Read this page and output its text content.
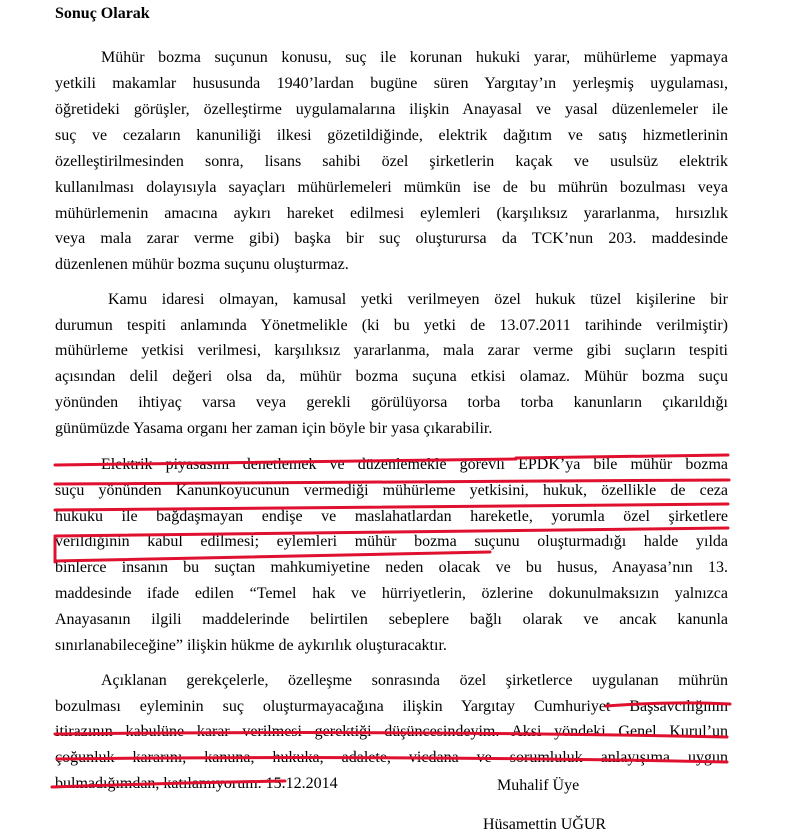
Sonuç Olarak
Mühür bozma suçunun konusu, suç ile korunan hukuki yarar, mühürleme yapmaya
yetkili makamlar hususunda 1940’lardan bugüne süren Yargıtay’ın yerleşmiş uygulaması,
öğretideki görüşler, özelleştirme uygulamalarına ilişkin Anayasal ve yasal düzenlemeler ile
suç ve cezaların kanuniliği ilkesi gözetildiğinde, elektrik dağıtım ve satış hizmetlerinin
özelleştirilmesinden sonra, lisans sahibi özel şirketlerin kaçak ve usulsüz elektrik
kullanılması dolayısıyla sayaçları mühürlemeleri mümkün ise de bu mührün bozulması veya
mühürlemenin amacına aykırı hareket edilmesi eylemleri (karşılıksız yararlanma, hırsızlık
veya mala zarar verme gibi) başka bir suç oluşturursa da TCK’nun 203. maddesinde
düzenlenen mühür bozma suçunu oluşturmaz.
Kamu idaresi olmayan, kamusal yetki verilmeyen özel hukuk tüzel kişilerine bir
durumun tespiti anlamında Yönetmelikle (ki bu yetki de 13.07.2011 tarihinde verilmiştir)
mühürleme yetkisi verilmesi, karşılıksız yararlanma, mala zarar verme gibi suçların tespiti
açısından delil değeri olsa da, mühür bozma suçuna etkisi olamaz. Mühür bozma suçu
yönünden ihtiyaç varsa veya gerekli görülüyorsa torba torba kanunların çıkarıldığı
günümüzde Yasama organı her zaman için böyle bir yasa çıkarabilir.
Elektrik piyasasını denetlemek ve düzenlemekle görevli EPDK’ya bile mühür bozma
suçu yönünden Kanunkoyucunun vermediği mühürleme yetkisini, hukuk, özellikle de ceza
hukuku ile bağdaşmayan endişe ve maslahatlardan hareketle, yorumla özel şirketlere
verildiğinin kabul edilmesi; eylemleri mühür bozma suçunu oluşturmadığı halde yılda
binlerce insanın bu suçtan mahkumiyetine neden olacak ve bu husus, Anayasa’nın 13.
maddesinde ifade edilen “Temel hak ve hürriyetlerin, özlerine dokunulmaksızın yalnızca
Anayasanın ilgili maddelerinde belirtilen sebeplere bağlı olarak ve ancak kanunla
sınırlanabileceğine” ilişkin hükme de aykırılık oluşturacaktır.
Açıklanan gerekçelerle, özelleşme sonrasında özel şirketlerce uygulanan mührün
bozulması eyleminin suç oluşturmayacağına ilişkin Yargıtay Cumhuriyet Başsavcılığının
itirazının kabulüne karar verilmesi gerektiği düşüncesindeyim. Aksi yöndeki Genel Kurul’un
çoğunluk kararını, kanuna, hukuka, adalete, vicdana ve sorumluluk anlayışıma uygun
bulmadığımdan, katılamıyorum. 15.12.2014	Muhalif Üye
Hüsamettin UĞUR
